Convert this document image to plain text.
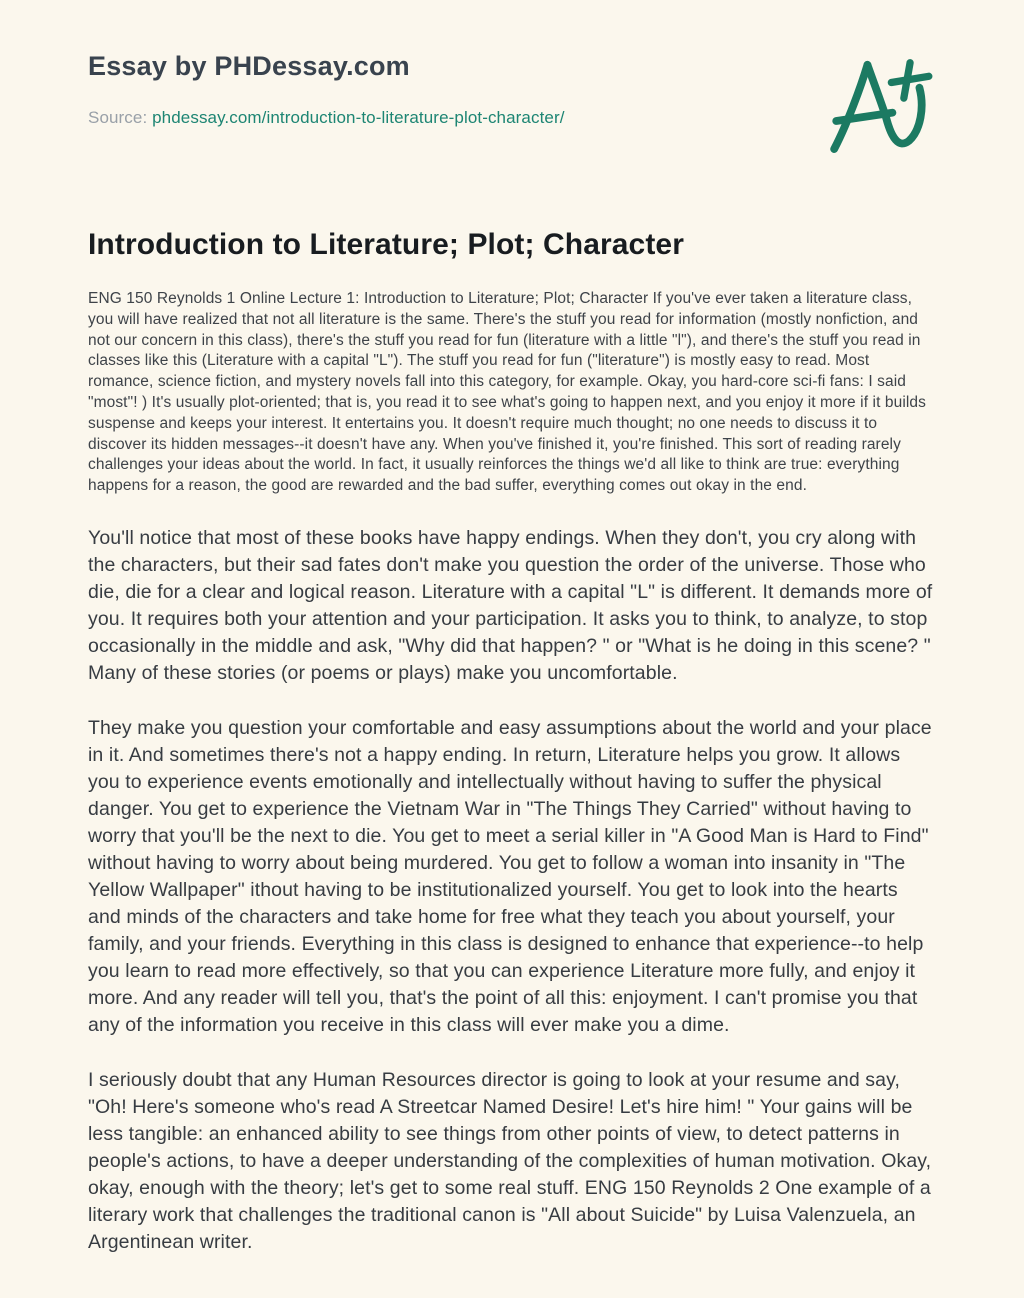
Essay by PHDessay.com

Source: phdessay.com/introduction-to-literature-plot-character/

Introduction to Literature; Plot; Character

ENG 150 Reynolds 1 Online Lecture 1: Introduction to Literature; Plot; Character If you've ever taken a literature class, you will have realized that not all literature is the same. There's the stuff you read for information (mostly nonfiction, and not our concern in this class), there's the stuff you read for fun (literature with a little "l"), and there's the stuff you read in classes like this (Literature with a capital "L"). The stuff you read for fun ("literature") is mostly easy to read. Most romance, science fiction, and mystery novels fall into this category, for example. Okay, you hard-core sci-fi fans: I said "most"! ) It's usually plot-oriented; that is, you read it to see what's going to happen next, and you enjoy it more if it builds suspense and keeps your interest. It entertains you. It doesn't require much thought; no one needs to discuss it to discover its hidden messages--it doesn't have any. When you've finished it, you're finished. This sort of reading rarely challenges your ideas about the world. In fact, it usually reinforces the things we'd all like to think are true: everything happens for a reason, the good are rewarded and the bad suffer, everything comes out okay in the end.

You'll notice that most of these books have happy endings. When they don't, you cry along with the characters, but their sad fates don't make you question the order of the universe. Those who die, die for a clear and logical reason. Literature with a capital "L" is different. It demands more of you. It requires both your attention and your participation. It asks you to think, to analyze, to stop occasionally in the middle and ask, "Why did that happen? " or "What is he doing in this scene? " Many of these stories (or poems or plays) make you uncomfortable.

They make you question your comfortable and easy assumptions about the world and your place in it. And sometimes there's not a happy ending. In return, Literature helps you grow. It allows you to experience events emotionally and intellectually without having to suffer the physical danger. You get to experience the Vietnam War in "The Things They Carried" without having to worry that you'll be the next to die. You get to meet a serial killer in "A Good Man is Hard to Find" without having to worry about being murdered. You get to follow a woman into insanity in "The Yellow Wallpaper" ithout having to be institutionalized yourself. You get to look into the hearts and minds of the characters and take home for free what they teach you about yourself, your family, and your friends. Everything in this class is designed to enhance that experience--to help you learn to read more effectively, so that you can experience Literature more fully, and enjoy it more. And any reader will tell you, that's the point of all this: enjoyment. I can't promise you that any of the information you receive in this class will ever make you a dime.

I seriously doubt that any Human Resources director is going to look at your resume and say, "Oh! Here's someone who's read A Streetcar Named Desire! Let's hire him! " Your gains will be less tangible: an enhanced ability to see things from other points of view, to detect patterns in people's actions, to have a deeper understanding of the complexities of human motivation. Okay, okay, enough with the theory; let's get to some real stuff. ENG 150 Reynolds 2 One example of a literary work that challenges the traditional canon is "All about Suicide" by Luisa Valenzuela, an Argentinean writer.
